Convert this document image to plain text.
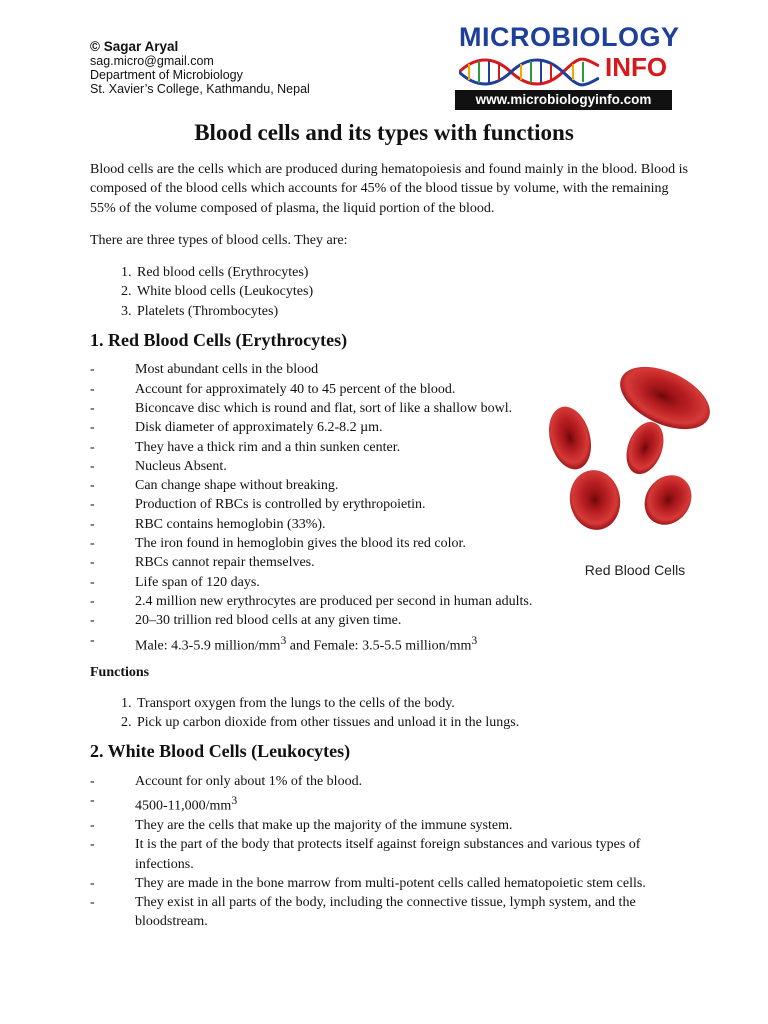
© Sagar Aryal
sag.micro@gmail.com
Department of Microbiology
St. Xavier’s College, Kathmandu, Nepal
MICROBIOLOGY
INFO
www.microbiologyinfo.com
Blood cells and its types with functions

Blood cells are the cells which are produced during hematopoiesis and found mainly in the blood. Blood is composed of the blood cells which accounts for 45% of the blood tissue by volume, with the remaining 55% of the volume composed of plasma, the liquid portion of the blood.

There are three types of blood cells. They are:

1. Red blood cells (Erythrocytes)
2. White blood cells (Leukocytes)
3. Platelets (Thrombocytes)
1. Red Blood Cells (Erythrocytes)
- Most abundant cells in the blood
- Account for approximately 40 to 45 percent of the blood.
- Biconcave disc which is round and flat, sort of like a shallow bowl.
- Disk diameter of approximately 6.2-8.2 µm.
- They have a thick rim and a thin sunken center.
- Nucleus Absent.
- Can change shape without breaking.
- Production of RBCs is controlled by erythropoietin.
- RBC contains hemoglobin (33%).
- The iron found in hemoglobin gives the blood its red color.
- RBCs cannot repair themselves.
- Life span of 120 days.
- 2.4 million new erythrocytes are produced per second in human adults.
- 20–30 trillion red blood cells at any given time.
- Male: 4.3-5.9 million/$mm^3$ and Female: 3.5-5.5 million/$mm^3$
Functions
1. Transport oxygen from the lungs to the cells of the body.
2. Pick up carbon dioxide from other tissues and unload it in the lungs.
2. White Blood Cells (Leukocytes)
- Account for only about 1% of the blood.
- $4500-11,000/mm^3$
- They are the cells that make up the majority of the immune system.
- It is the part of the body that protects itself against foreign substances and various types of infections.
- They are made in the bone marrow from multi-potent cells called hematopoietic stem cells.
- They exist in all parts of the body, including the connective tissue, lymph system, and the bloodstream.
Red Blood Cells
